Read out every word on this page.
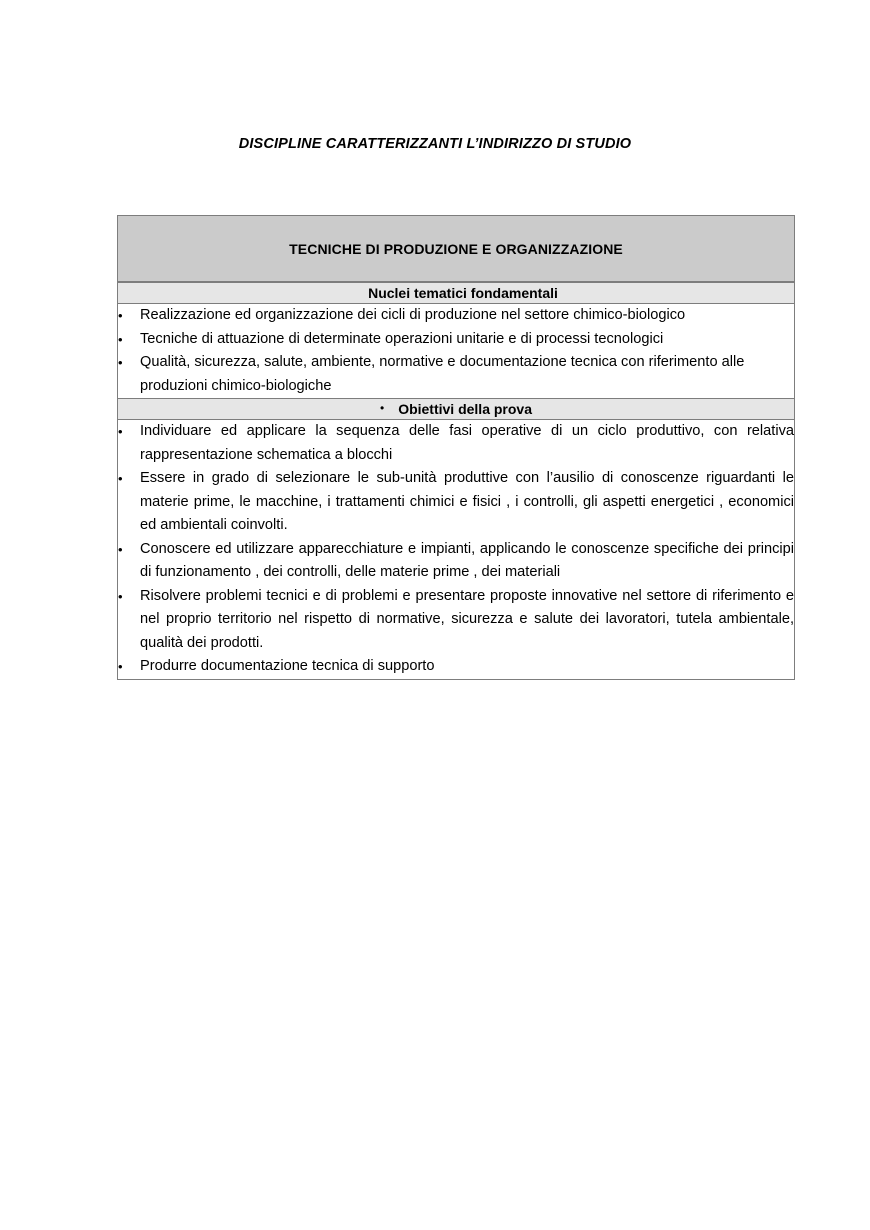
DISCIPLINE CARATTERIZZANTI L’INDIRIZZO DI STUDIO
TECNICHE DI PRODUZIONE E ORGANIZZAZIONE
Nuclei tematici fondamentali
•	Realizzazione ed organizzazione dei cicli di produzione nel settore chimico-biologico
•	Tecniche di attuazione di determinate operazioni unitarie e di processi tecnologici
•	Qualità, sicurezza, salute, ambiente, normative e documentazione tecnica con riferimento alle produzioni chimico-biologiche
• Obiettivi della prova
•	Individuare ed applicare la sequenza delle fasi operative di un ciclo produttivo, con relativa rappresentazione schematica a blocchi
•	Essere in grado di selezionare le sub-unità produttive con l’ausilio di conoscenze riguardanti le materie prime, le macchine, i trattamenti chimici e fisici , i controlli, gli aspetti energetici , economici ed ambientali coinvolti.
•	Conoscere ed utilizzare apparecchiature e impianti, applicando le conoscenze specifiche dei principi di funzionamento , dei controlli, delle materie prime , dei materiali
•	Risolvere problemi tecnici e di problemi e presentare proposte innovative nel settore di riferimento e nel proprio territorio nel rispetto di normative, sicurezza e salute dei lavoratori, tutela ambientale, qualità dei prodotti.
•	Produrre documentazione tecnica di supporto
